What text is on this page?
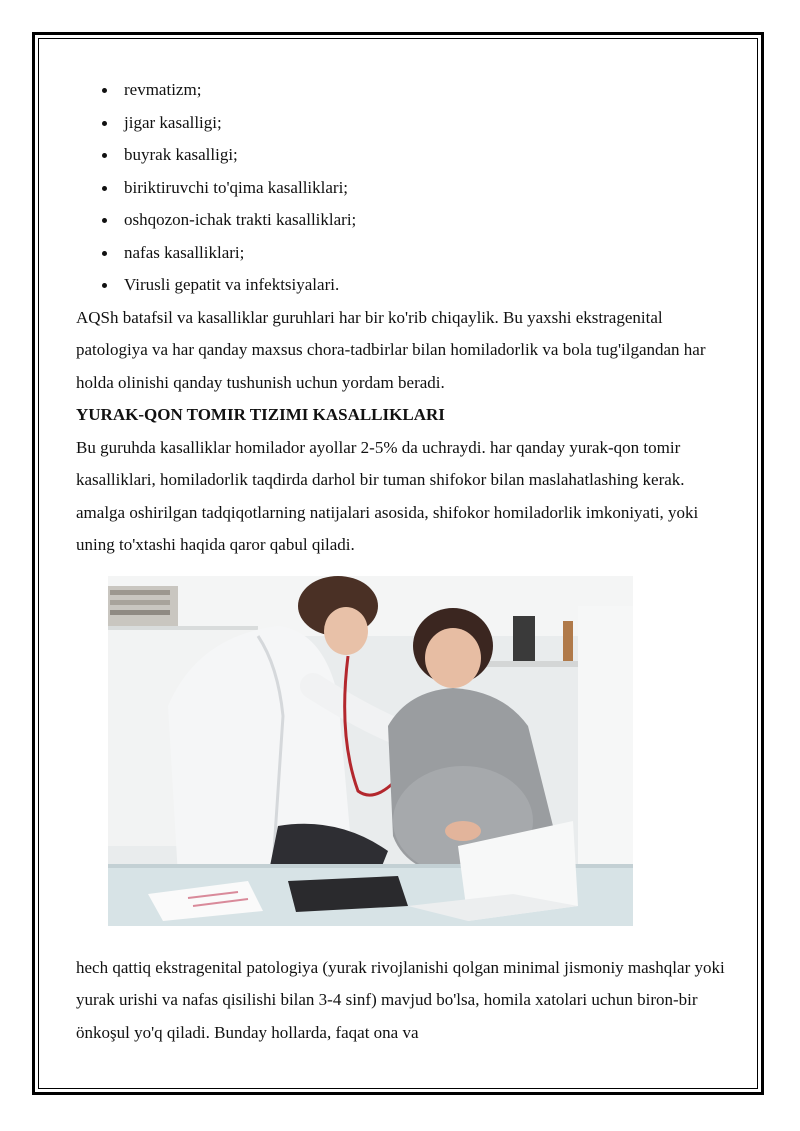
revmatizm;
jigar kasalligi;
buyrak kasalligi;
biriktiruvchi to'qima kasalliklari;
oshqozon-ichak trakti kasalliklari;
nafas kasalliklari;
Virusli gepatit va infektsiyalari.

AQSh batafsil va kasalliklar guruhlari har bir ko'rib chiqaylik. Bu yaxshi ekstragenital patologiya va har qanday maxsus chora-tadbirlar bilan homiladorlik va bola tug'ilgandan har holda olinishi qanday tushunish uchun yordam beradi.

YURAK-QON TOMIR TIZIMI KASALLIKLARI

Bu guruhda kasalliklar homilador ayollar 2-5% da uchraydi. har qanday yurak-qon tomir kasalliklari, homiladorlik taqdirda darhol bir tuman shifokor bilan maslahatlashing kerak. amalga oshirilgan tadqiqotlarning natijalari asosida, shifokor homiladorlik imkoniyati, yoki uning to'xtashi haqida qaror qabul qiladi.

hech qattiq ekstragenital patologiya (yurak rivojlanishi qolgan minimal jismoniy mashqlar yoki yurak urishi va nafas qisilishi bilan 3-4 sinf) mavjud bo'lsa, homila xatolari uchun biron-bir önkoşul yo'q qiladi. Bunday hollarda, faqat ona va
